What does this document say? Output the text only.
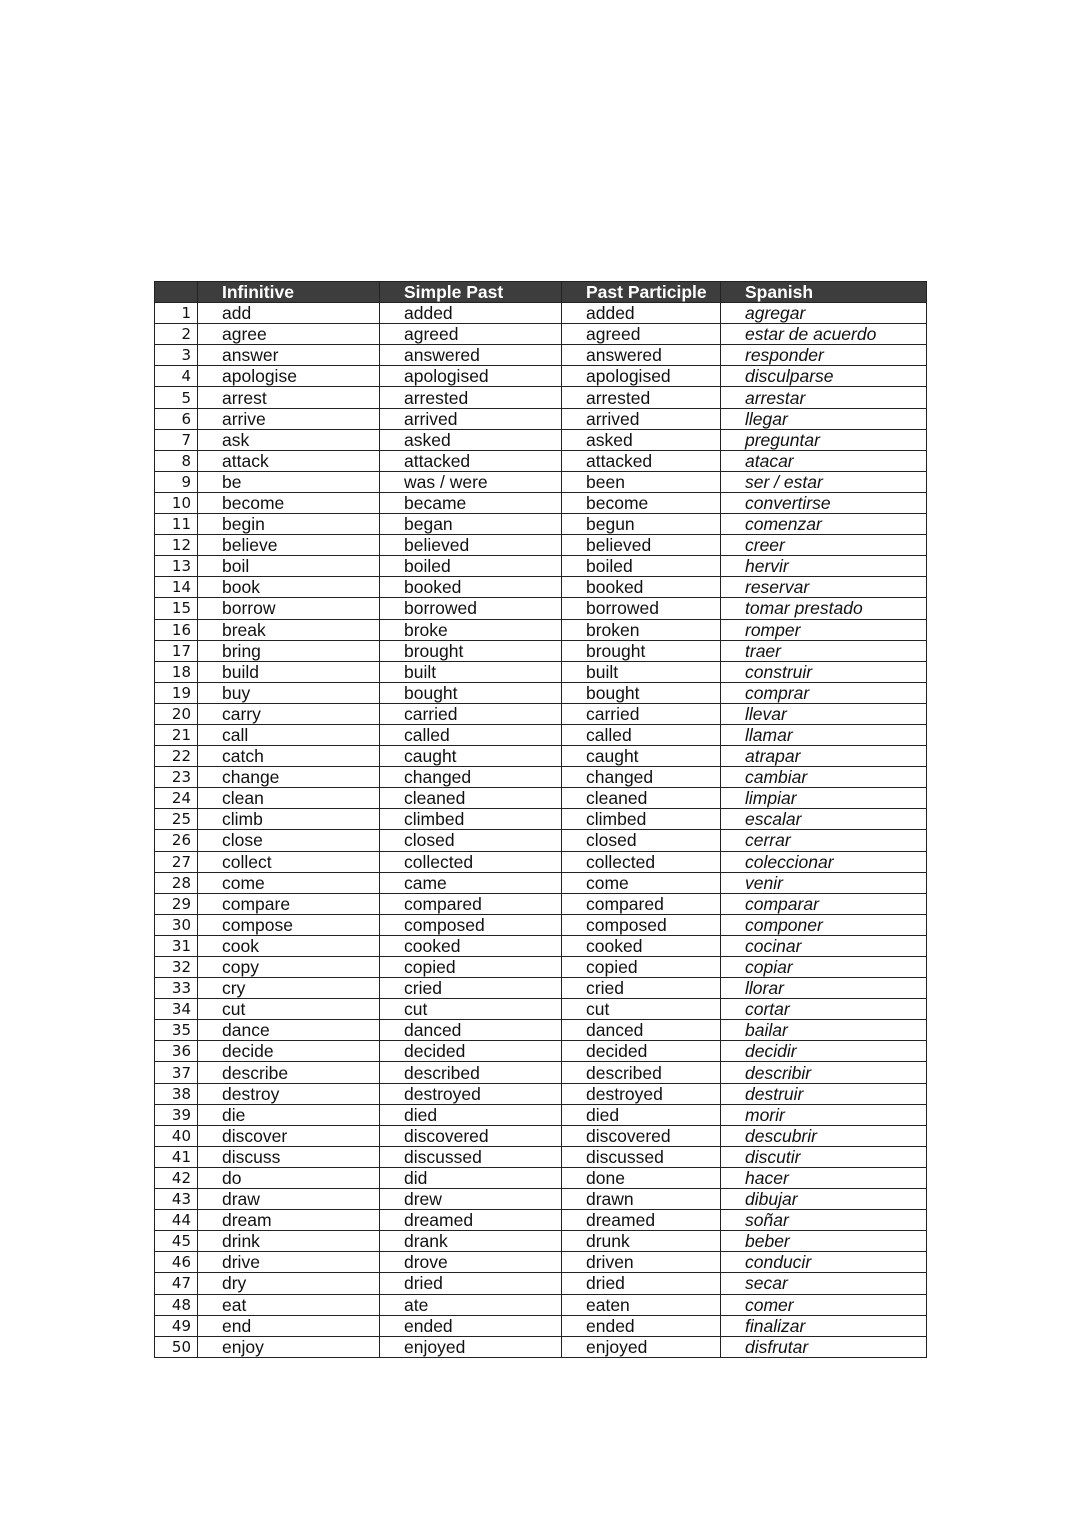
	Infinitive	Simple Past	Past Participle	Spanish
1	add	added	added	agregar
2	agree	agreed	agreed	estar de acuerdo
3	answer	answered	answered	responder
4	apologise	apologised	apologised	disculparse
5	arrest	arrested	arrested	arrestar
6	arrive	arrived	arrived	llegar
7	ask	asked	asked	preguntar
8	attack	attacked	attacked	atacar
9	be	was / were	been	ser / estar
10	become	became	become	convertirse
11	begin	began	begun	comenzar
12	believe	believed	believed	creer
13	boil	boiled	boiled	hervir
14	book	booked	booked	reservar
15	borrow	borrowed	borrowed	tomar prestado
16	break	broke	broken	romper
17	bring	brought	brought	traer
18	build	built	built	construir
19	buy	bought	bought	comprar
20	carry	carried	carried	llevar
21	call	called	called	llamar
22	catch	caught	caught	atrapar
23	change	changed	changed	cambiar
24	clean	cleaned	cleaned	limpiar
25	climb	climbed	climbed	escalar
26	close	closed	closed	cerrar
27	collect	collected	collected	coleccionar
28	come	came	come	venir
29	compare	compared	compared	comparar
30	compose	composed	composed	componer
31	cook	cooked	cooked	cocinar
32	copy	copied	copied	copiar
33	cry	cried	cried	llorar
34	cut	cut	cut	cortar
35	dance	danced	danced	bailar
36	decide	decided	decided	decidir
37	describe	described	described	describir
38	destroy	destroyed	destroyed	destruir
39	die	died	died	morir
40	discover	discovered	discovered	descubrir
41	discuss	discussed	discussed	discutir
42	do	did	done	hacer
43	draw	drew	drawn	dibujar
44	dream	dreamed	dreamed	soñar
45	drink	drank	drunk	beber
46	drive	drove	driven	conducir
47	dry	dried	dried	secar
48	eat	ate	eaten	comer
49	end	ended	ended	finalizar
50	enjoy	enjoyed	enjoyed	disfrutar
